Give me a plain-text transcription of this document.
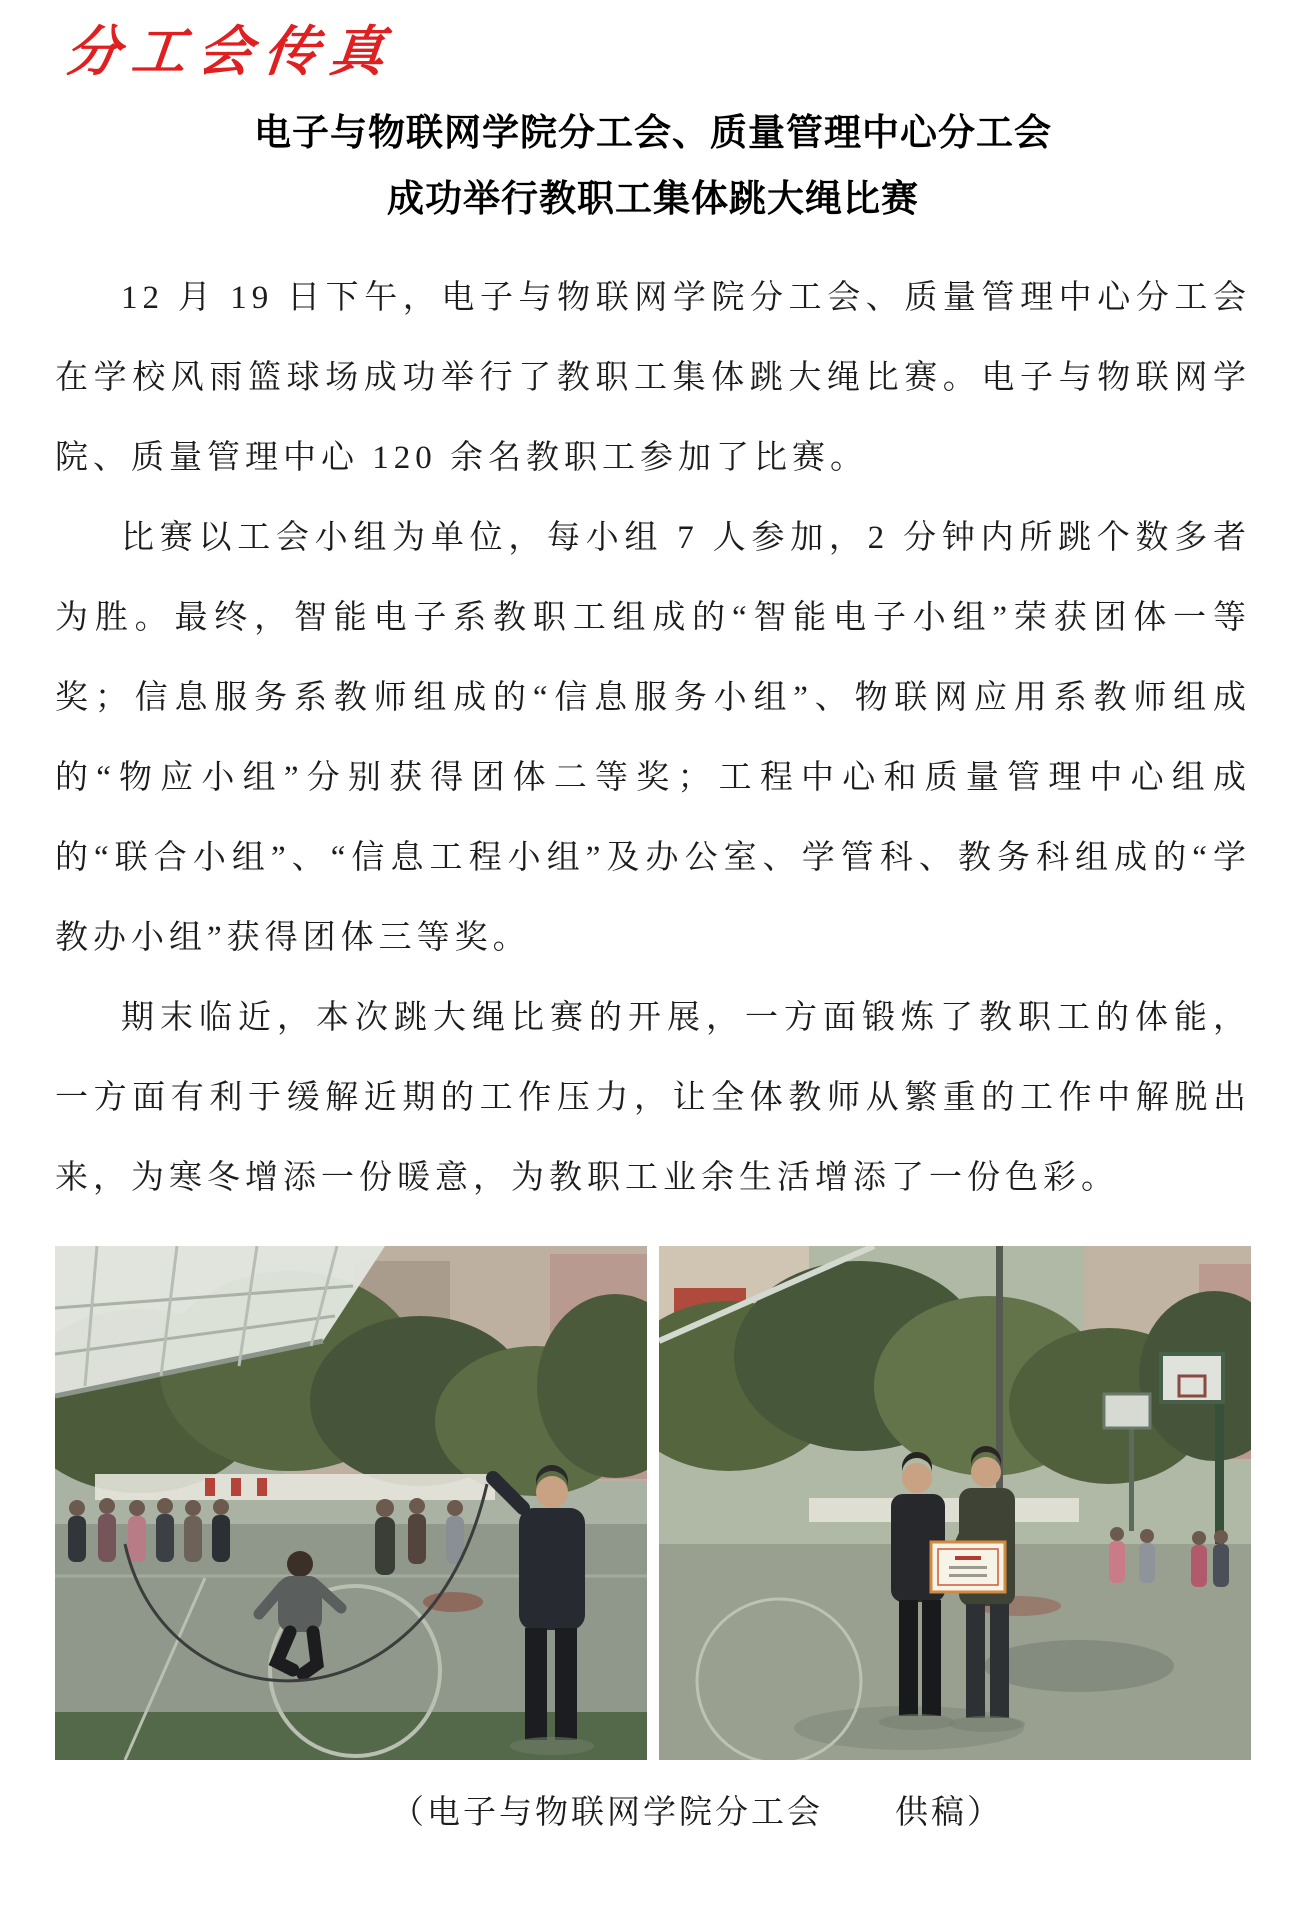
分工会传真
电子与物联网学院分工会、质量管理中心分工会
成功举行教职工集体跳大绳比赛

12 月 19 日下午，电子与物联网学院分工会、质量管理中心分工会在学校风雨篮球场成功举行了教职工集体跳大绳比赛。电子与物联网学院、质量管理中心 120 余名教职工参加了比赛。

比赛以工会小组为单位，每小组 7 人参加，2 分钟内所跳个数多者为胜。最终，智能电子系教职工组成的“智能电子小组”荣获团体一等奖；信息服务系教师组成的“信息服务小组”、物联网应用系教师组成的“物应小组”分别获得团体二等奖；工程中心和质量管理中心组成的“联合小组”、“信息工程小组”及办公室、学管科、教务科组成的“学教办小组”获得团体三等奖。

期末临近，本次跳大绳比赛的开展，一方面锻炼了教职工的体能，一方面有利于缓解近期的工作压力，让全体教师从繁重的工作中解脱出来，为寒冬增添一份暖意，为教职工业余生活增添了一份色彩。

（电子与物联网学院分工会　　供稿）
